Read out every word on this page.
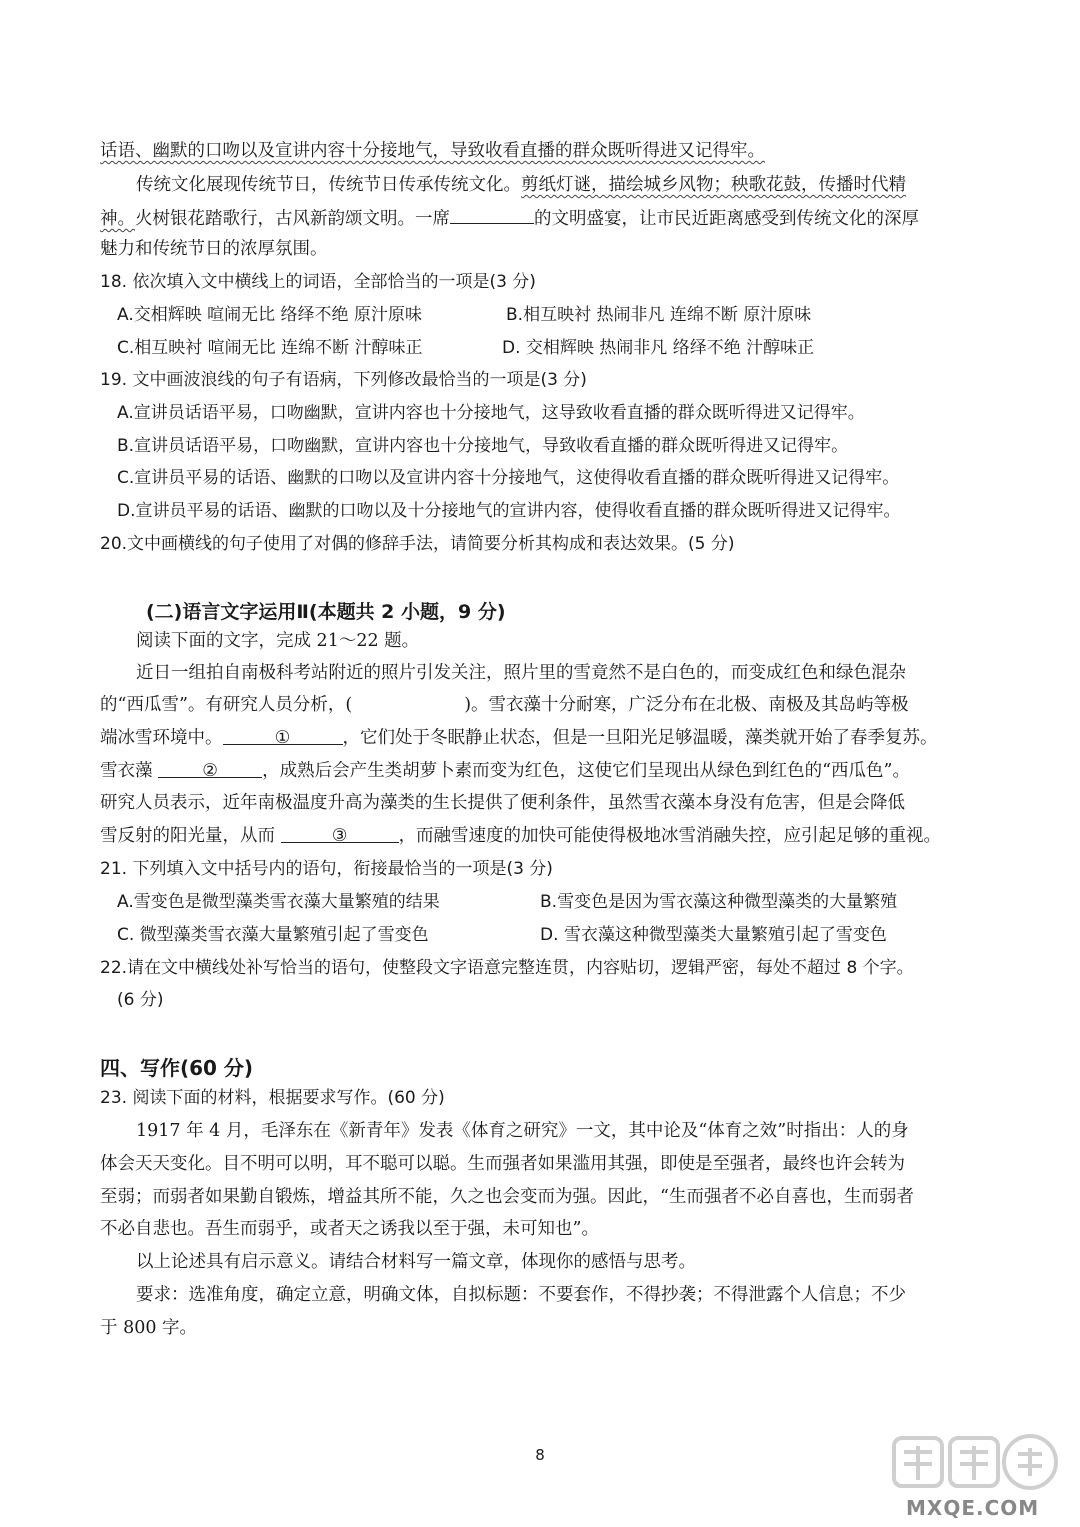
话语、幽默的口吻以及宣讲内容十分接地气，导致收看直播的群众既听得进又记得牢。
传统文化展现传统节日，传统节日传承传统文化。剪纸灯谜，描绘城乡风物；秧歌花鼓，传播时代精
神。火树银花踏歌行，古风新韵颂文明。一席	的文明盛宴，让市民近距离感受到传统文化的深厚
魅力和传统节日的浓厚氛围。
18. 依次填入文中横线上的词语，全部恰当的一项是(3 分)
A.交相辉映 喧闹无比 络绎不绝 原汁原味	B.相互映衬 热闹非凡 连绵不断 原汁原味
C.相互映衬 喧闹无比 连绵不断 汁醇味正	D. 交相辉映 热闹非凡 络绎不绝 汁醇味正
19. 文中画波浪线的句子有语病，下列修改最恰当的一项是(3 分)
A.宣讲员话语平易，口吻幽默，宣讲内容也十分接地气，这导致收看直播的群众既听得进又记得牢。
B.宣讲员话语平易，口吻幽默，宣讲内容也十分接地气，导致收看直播的群众既听得进又记得牢。
C.宣讲员平易的话语、幽默的口吻以及宣讲内容十分接地气，这使得收看直播的群众既听得进又记得牢。
D.宣讲员平易的话语、幽默的口吻以及十分接地气的宣讲内容，使得收看直播的群众既听得进又记得牢。
20.文中画横线的句子使用了对偶的修辞手法，请简要分析其构成和表达效果。(5 分)
(二)语言文字运用Ⅱ(本题共 2 小题，9 分)
阅读下面的文字，完成 21～22 题。
近日一组拍自南极科考站附近的照片引发关注，照片里的雪竟然不是白色的，而变成红色和绿色混杂
的“西瓜雪”。有研究人员分析，(	)。雪衣藻十分耐寒，广泛分布在北极、南极及其岛屿等极
端冰雪环境中。	①	，它们处于冬眠静止状态，但是一旦阳光足够温暖，藻类就开始了春季复苏。
雪衣藻	②	，成熟后会产生类胡萝卜素而变为红色，这使它们呈现出从绿色到红色的“西瓜色”。
研究人员表示，近年南极温度升高为藻类的生长提供了便利条件，虽然雪衣藻本身没有危害，但是会降低
雪反射的阳光量，从而	③	，而融雪速度的加快可能使得极地冰雪消融失控，应引起足够的重视。
21. 下列填入文中括号内的语句，衔接最恰当的一项是(3 分)
A.雪变色是微型藻类雪衣藻大量繁殖的结果	B.雪变色是因为雪衣藻这种微型藻类的大量繁殖
C. 微型藻类雪衣藻大量繁殖引起了雪变色	D. 雪衣藻这种微型藻类大量繁殖引起了雪变色
22.请在文中横线处补写恰当的语句，使整段文字语意完整连贯，内容贴切，逻辑严密，每处不超过 8 个字。
(6 分)
四、写作(60 分)
23. 阅读下面的材料，根据要求写作。(60 分)
1917 年 4 月，毛泽东在《新青年》发表《体育之研究》一文，其中论及“体育之效”时指出：人的身
体会天天变化。目不明可以明，耳不聪可以聪。生而强者如果滥用其强，即使是至强者，最终也许会转为
至弱；而弱者如果勤自锻炼，增益其所不能，久之也会变而为强。因此，“生而强者不必自喜也，生而弱者
不必自悲也。吾生而弱乎，或者天之诱我以至于强，未可知也”。
以上论述具有启示意义。请结合材料写一篇文章，体现你的感悟与思考。
要求：选准角度，确定立意，明确文体，自拟标题：不要套作，不得抄袭；不得泄露个人信息；不少
于 800 字。
8
MXQE.COM
